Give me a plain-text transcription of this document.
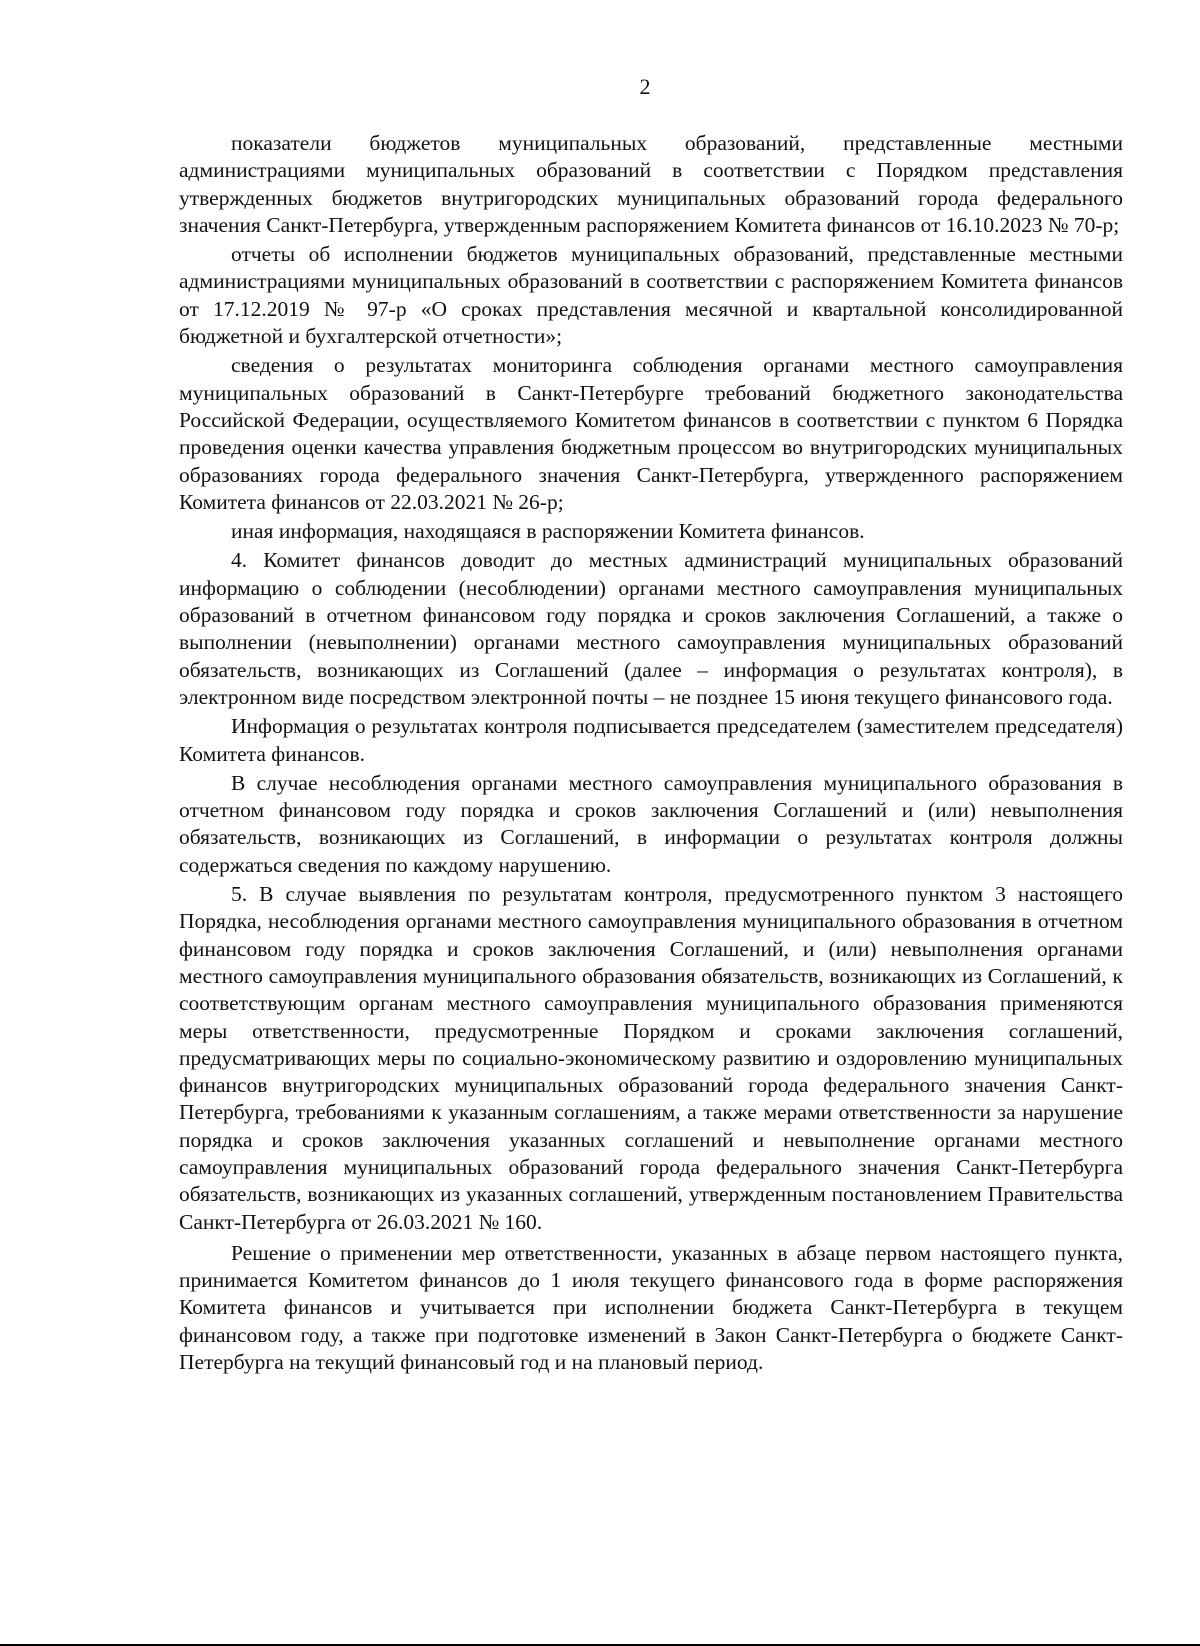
2

показатели бюджетов муниципальных образований, представленные местными администрациями муниципальных образований в соответствии с Порядком представления утвержденных бюджетов внутригородских муниципальных образований города федерального значения Санкт-Петербурга, утвержденным распоряжением Комитета финансов от 16.10.2023 № 70-р;

отчеты об исполнении бюджетов муниципальных образований, представленные местными администрациями муниципальных образований в соответствии с распоряжением Комитета финансов от 17.12.2019 № 97-р «О сроках представления месячной и квартальной консолидированной бюджетной и бухгалтерской отчетности»;

сведения о результатах мониторинга соблюдения органами местного самоуправления муниципальных образований в Санкт-Петербурге требований бюджетного законодательства Российской Федерации, осуществляемого Комитетом финансов в соответствии с пунктом 6 Порядка проведения оценки качества управления бюджетным процессом во внутригородских муниципальных образованиях города федерального значения Санкт-Петербурга, утвержденного распоряжением Комитета финансов от 22.03.2021 № 26-р;

иная информация, находящаяся в распоряжении Комитета финансов.

4. Комитет финансов доводит до местных администраций муниципальных образований информацию о соблюдении (несоблюдении) органами местного самоуправления муниципальных образований в отчетном финансовом году порядка и сроков заключения Соглашений, а также о выполнении (невыполнении) органами местного самоуправления муниципальных образований обязательств, возникающих из Соглашений (далее – информация о результатах контроля), в электронном виде посредством электронной почты – не позднее 15 июня текущего финансового года.

Информация о результатах контроля подписывается председателем (заместителем председателя) Комитета финансов.

В случае несоблюдения органами местного самоуправления муниципального образования в отчетном финансовом году порядка и сроков заключения Соглашений и (или) невыполнения обязательств, возникающих из Соглашений, в информации о результатах контроля должны содержаться сведения по каждому нарушению.

5. В случае выявления по результатам контроля, предусмотренного пунктом 3 настоящего Порядка, несоблюдения органами местного самоуправления муниципального образования в отчетном финансовом году порядка и сроков заключения Соглашений, и (или) невыполнения органами местного самоуправления муниципального образования обязательств, возникающих из Соглашений, к соответствующим органам местного самоуправления муниципального образования применяются меры ответственности, предусмотренные Порядком и сроками заключения соглашений, предусматривающих меры по социально-экономическому развитию и оздоровлению муниципальных финансов внутригородских муниципальных образований города федерального значения Санкт-Петербурга, требованиями к указанным соглашениям, а также мерами ответственности за нарушение порядка и сроков заключения указанных соглашений и невыполнение органами местного самоуправления муниципальных образований города федерального значения Санкт-Петербурга обязательств, возникающих из указанных соглашений, утвержденным постановлением Правительства Санкт-Петербурга от 26.03.2021 № 160.

Решение о применении мер ответственности, указанных в абзаце первом настоящего пункта, принимается Комитетом финансов до 1 июля текущего финансового года в форме распоряжения Комитета финансов и учитывается при исполнении бюджета Санкт-Петербурга в текущем финансовом году, а также при подготовке изменений в Закон Санкт-Петербурга о бюджете Санкт-Петербурга на текущий финансовый год и на плановый период.
